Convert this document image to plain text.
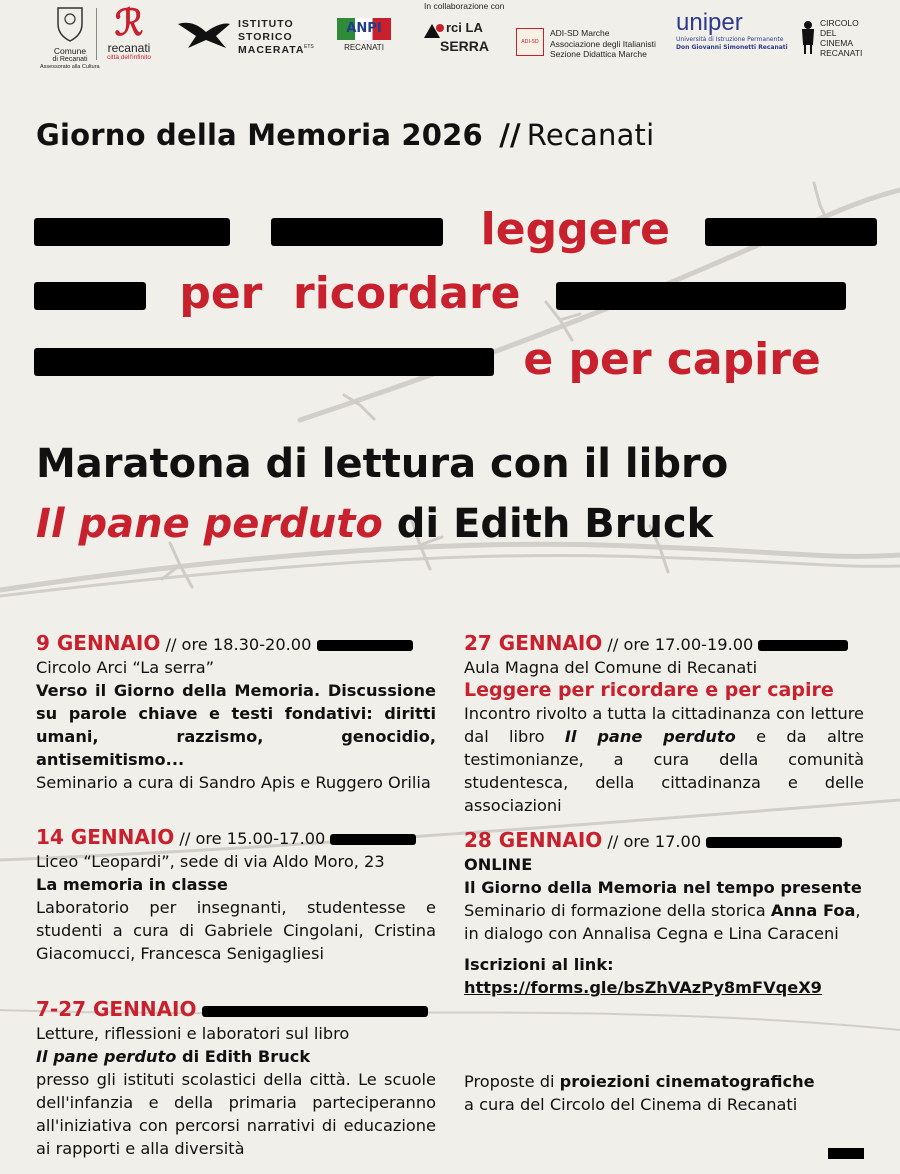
Comune
di Recanati
Assessorato alla Cultura
ℛ
recanati
città dell'infinito
ISTITUTO
STORICO
MACERATA ETS
ANPI
RECANATI
In collaborazione con
rci LA
SERRA	ADI-SD
ADI-SD Marche
Associazione degli Italianisti
Sezione Didattica Marche
uniper
Università di Istruzione Permanente
Don Giovanni Simonetti Recanati
CIRCOLO
DEL
CINEMA
RECANATI
Giorno della Memoria 2026 // Recanati
leggere
per  ricordare
e per capire
Maratona di lettura con il libro
Il pane perduto di Edith Bruck
9 GENNAIO // ore 18.30-20.00
Circolo Arci “La serra”
Verso il Giorno della Memoria. Discussione su parole chiave e testi fondativi: diritti umani, razzismo, genocidio, antisemitismo...
Seminario a cura di Sandro Apis e Ruggero Orilia
14 GENNAIO // ore 15.00-17.00
Liceo “Leopardi”, sede di via Aldo Moro, 23
La memoria in classe
Laboratorio per insegnanti, studentesse e studenti a cura di Gabriele Cingolani, Cristina Giacomucci, Francesca Senigagliesi
7-27 GENNAIO
Letture, riflessioni e laboratori sul libro
Il pane perduto di Edith Bruck
presso gli istituti scolastici della città. Le scuole dell'infanzia e della primaria parteciperanno all'iniziativa con percorsi narrativi di educazione ai rapporti e alla diversità
27 GENNAIO // ore 17.00-19.00
Aula Magna del Comune di Recanati
Leggere per ricordare e per capire
Incontro rivolto a tutta la cittadinanza con letture dal libro Il pane perduto e da altre testimonianze, a cura della comunità studentesca, della cittadinanza e delle associazioni
28 GENNAIO // ore 17.00
ONLINE
Il Giorno della Memoria nel tempo presente
Seminario di formazione della storica Anna Foa, in dialogo con Annalisa Cegna e Lina Caraceni
Iscrizioni al link:
https://forms.gle/bsZhVAzPy8mFVqeX9
Proposte di proiezioni cinematografiche
a cura del Circolo del Cinema di Recanati
